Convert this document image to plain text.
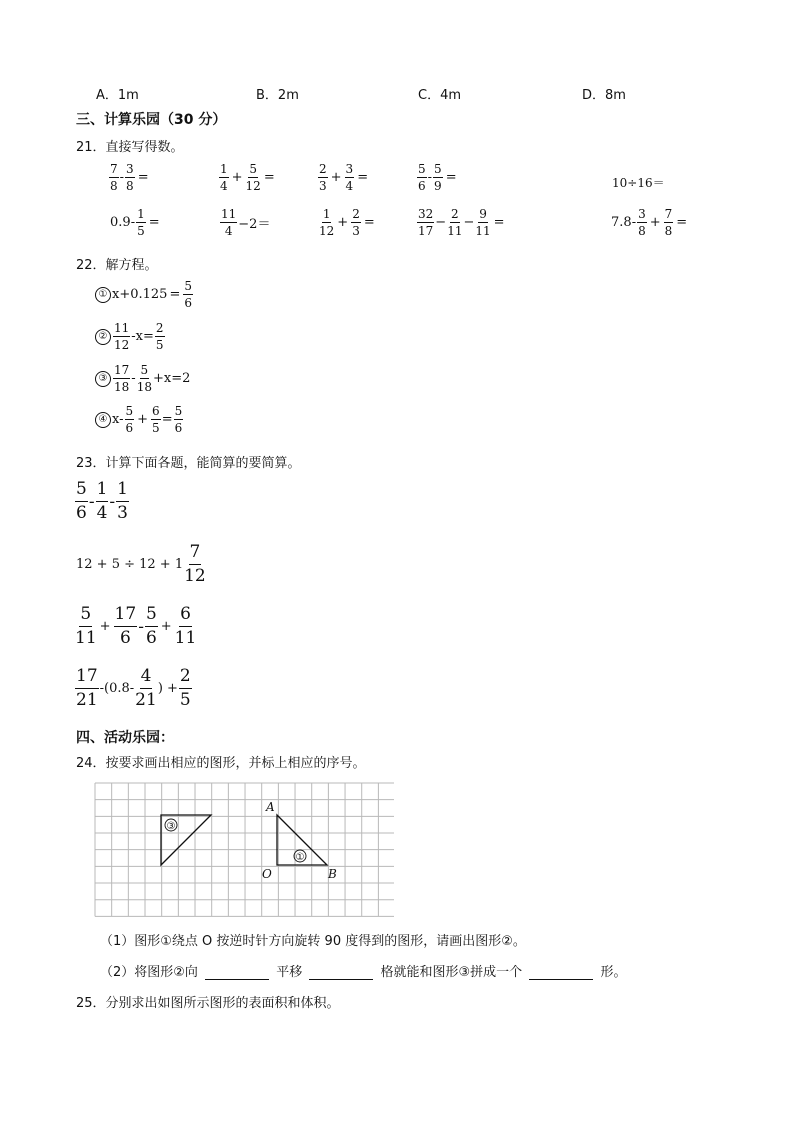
A．1m	B．2m	C．4m	D．8m
三、计算乐园（30 分）
21．直接写得数。
$\frac{7}{8} - \frac{3}{8}$ =	$\frac{1}{4} + \frac{5}{12}$ =	$\frac{2}{3} + \frac{3}{4}$ =	$\frac{5}{6} - \frac{5}{9}$ =	10÷16＝
$0.9 - \frac{1}{5}$ =	$\frac{11}{4} -2=$	$\frac{1}{12} + \frac{2}{3}$ =	$\frac{32}{17} - \frac{2}{11} - \frac{9}{11}$ =	$7.8 - \frac{3}{8} + \frac{7}{8}$ =
22．解方程。
① $x+0.125 = \frac{5}{6}$
② $\frac{11}{12} -x= \frac{2}{5}$
③ $\frac{17}{18} - \frac{5}{18} +x=2$
④ $x- \frac{5}{6} + \frac{6}{5} = \frac{5}{6}$
23．计算下面各题，能简算的要简算。
$\frac{5}{6} - \frac{1}{4} - \frac{1}{3}$
$12 + 5 \div 12 + 1 \frac{7}{12}$
$\frac{5}{11} + \frac{17}{6} - \frac{5}{6} + \frac{6}{11}$
$\frac{17}{21} -(0.8- \frac{4}{21}$ ) + $\frac{2}{5}$
四、活动乐园：
24．按要求画出相应的图形，并标上相应的序号。
③
①
A
O	B
（1）图形①绕点 O 按逆时针方向旋转 90 度得到的图形，请画出图形②。
（2）将图形②向	平移	格就能和图形③拼成一个	形。
25．分别求出如图所示图形的表面积和体积。
